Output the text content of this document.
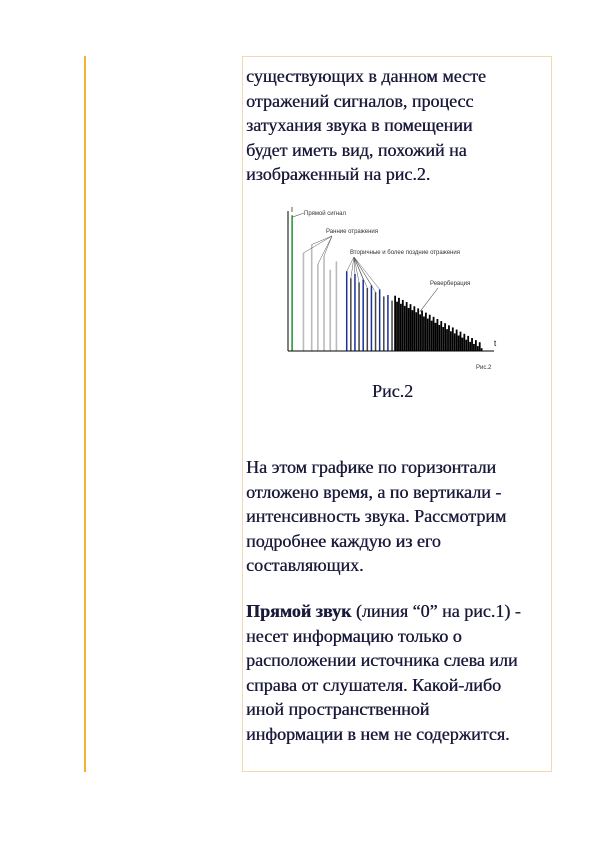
существующих в данном месте

отражений сигналов, процесс

затухания звука в помещении

будет иметь вид, похожий на

изображенный на рис.2.

I
t
Прямой сигнал
Ранние отражения
Вторичные и более поздние отражения
Реверберация
Рис.2
Рис.2

На этом графике по горизонтали

отложено время, а по вертикали -

интенсивность звука. Рассмотрим

подробнее каждую из его

составляющих.

Прямой звук (линия “0” на рис.1) -

несет информацию только о

расположении источника слева или

справа от слушателя. Какой-либо

иной пространственной

информации в нем не содержится.
